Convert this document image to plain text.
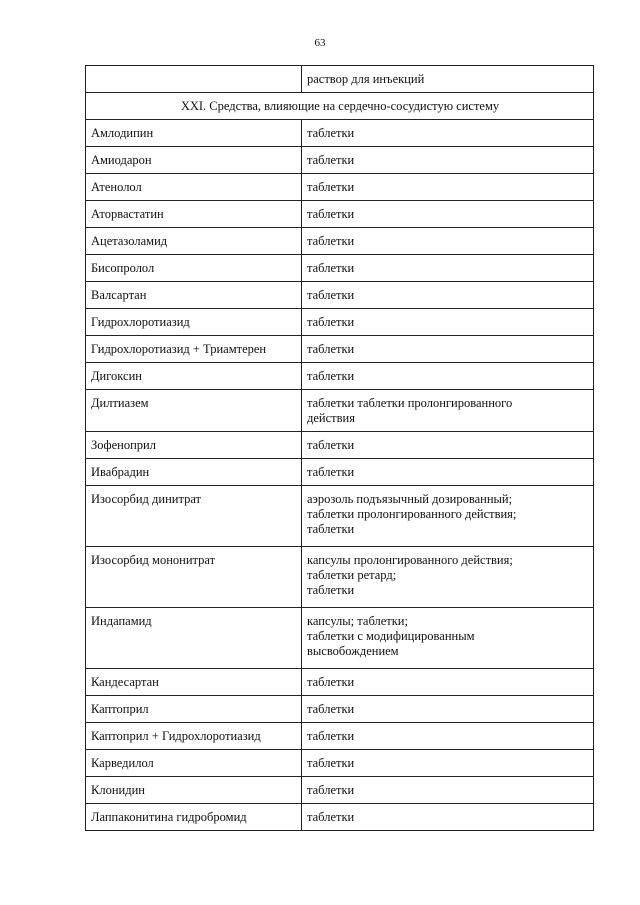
63
	раствор для инъекций
XXI. Средства, влияющие на сердечно-сосудистую систему	
Амлодипин	таблетки

Амиодарон	таблетки

Атенолол	таблетки

Аторвастатин	таблетки

Ацетазоламид	таблетки

Бисопролол	таблетки

Валсартан	таблетки

Гидрохлоротиазид	таблетки

Гидрохлоротиазид + Триамтерен	таблетки

Дигоксин	таблетки

Дилтиазем	таблетки таблетки пролонгированного
действия

Зофеноприл	таблетки

Ивабрадин	таблетки

Изосорбид динитрат	аэрозоль подъязычный дозированный;
таблетки пролонгированного действия;
таблетки

Изосорбид мононитрат	капсулы пролонгированного действия;
таблетки ретард;
таблетки

Индапамид	капсулы; таблетки;
таблетки с модифицированным
высвобождением

Кандесартан	таблетки

Каптоприл	таблетки

Каптоприл + Гидрохлоротиазид	таблетки

Карведилол	таблетки

Клонидин	таблетки

Лаппаконитина гидробромид	таблетки
